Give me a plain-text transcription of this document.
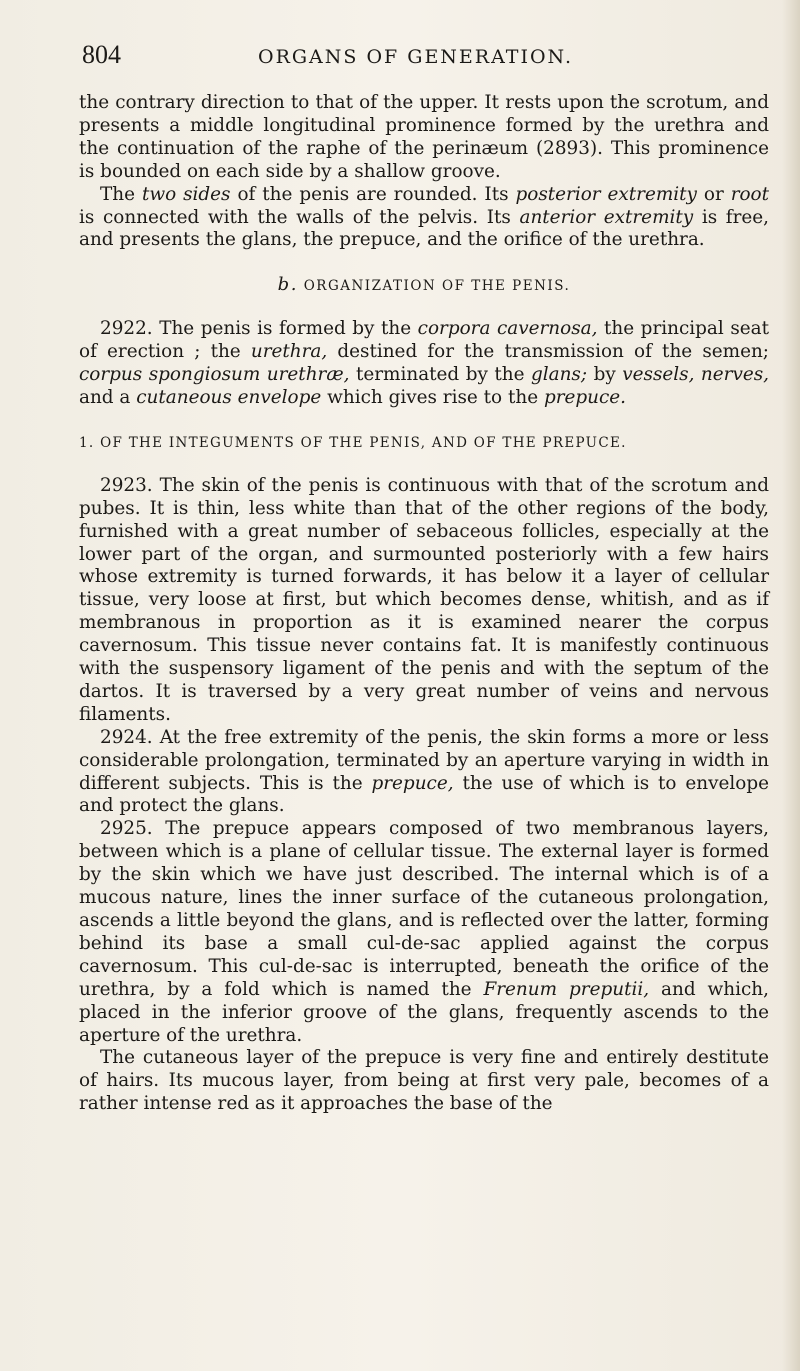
804	ORGANS OF GENERATION.

the contrary direction to that of the upper. It rests upon the scrotum, and presents a middle longitudinal prominence formed by the urethra and the continuation of the raphe of the perinæum (2893). This prominence is bounded on each side by a shallow groove.

The two sides of the penis are rounded. Its posterior extremity or root is connected with the walls of the pelvis. Its anterior extremity is free, and presents the glans, the prepuce, and the orifice of the urethra.

b. ORGANIZATION OF THE PENIS.

2922. The penis is formed by the corpora cavernosa, the principal seat of erection ; the urethra, destined for the transmission of the semen; corpus spongiosum urethræ, terminated by the glans; by vessels, nerves, and a cutaneous envelope which gives rise to the prepuce.

1. OF THE INTEGUMENTS OF THE PENIS, AND OF THE PREPUCE.

2923. The skin of the penis is continuous with that of the scrotum and pubes. It is thin, less white than that of the other regions of the body, furnished with a great number of sebaceous follicles, especially at the lower part of the organ, and surmounted posteriorly with a few hairs whose extremity is turned forwards, it has below it a layer of cellular tissue, very loose at first, but which becomes dense, whitish, and as if membranous in proportion as it is examined nearer the corpus cavernosum. This tissue never contains fat. It is manifestly continuous with the suspensory ligament of the penis and with the septum of the dartos. It is traversed by a very great number of veins and nervous filaments.

2924. At the free extremity of the penis, the skin forms a more or less considerable prolongation, terminated by an aperture varying in width in different subjects. This is the prepuce, the use of which is to envelope and protect the glans.

2925. The prepuce appears composed of two membranous layers, between which is a plane of cellular tissue. The external layer is formed by the skin which we have just described. The internal which is of a mucous nature, lines the inner surface of the cutaneous prolongation, ascends a little beyond the glans, and is reflected over the latter, forming behind its base a small cul-de-sac applied against the corpus cavernosum. This cul-de-sac is interrupted, beneath the orifice of the urethra, by a fold which is named the Frenum preputii, and which, placed in the inferior groove of the glans, frequently ascends to the aperture of the urethra.

The cutaneous layer of the prepuce is very fine and entirely destitute of hairs. Its mucous layer, from being at first very pale, becomes of a rather intense red as it approaches the base of the
